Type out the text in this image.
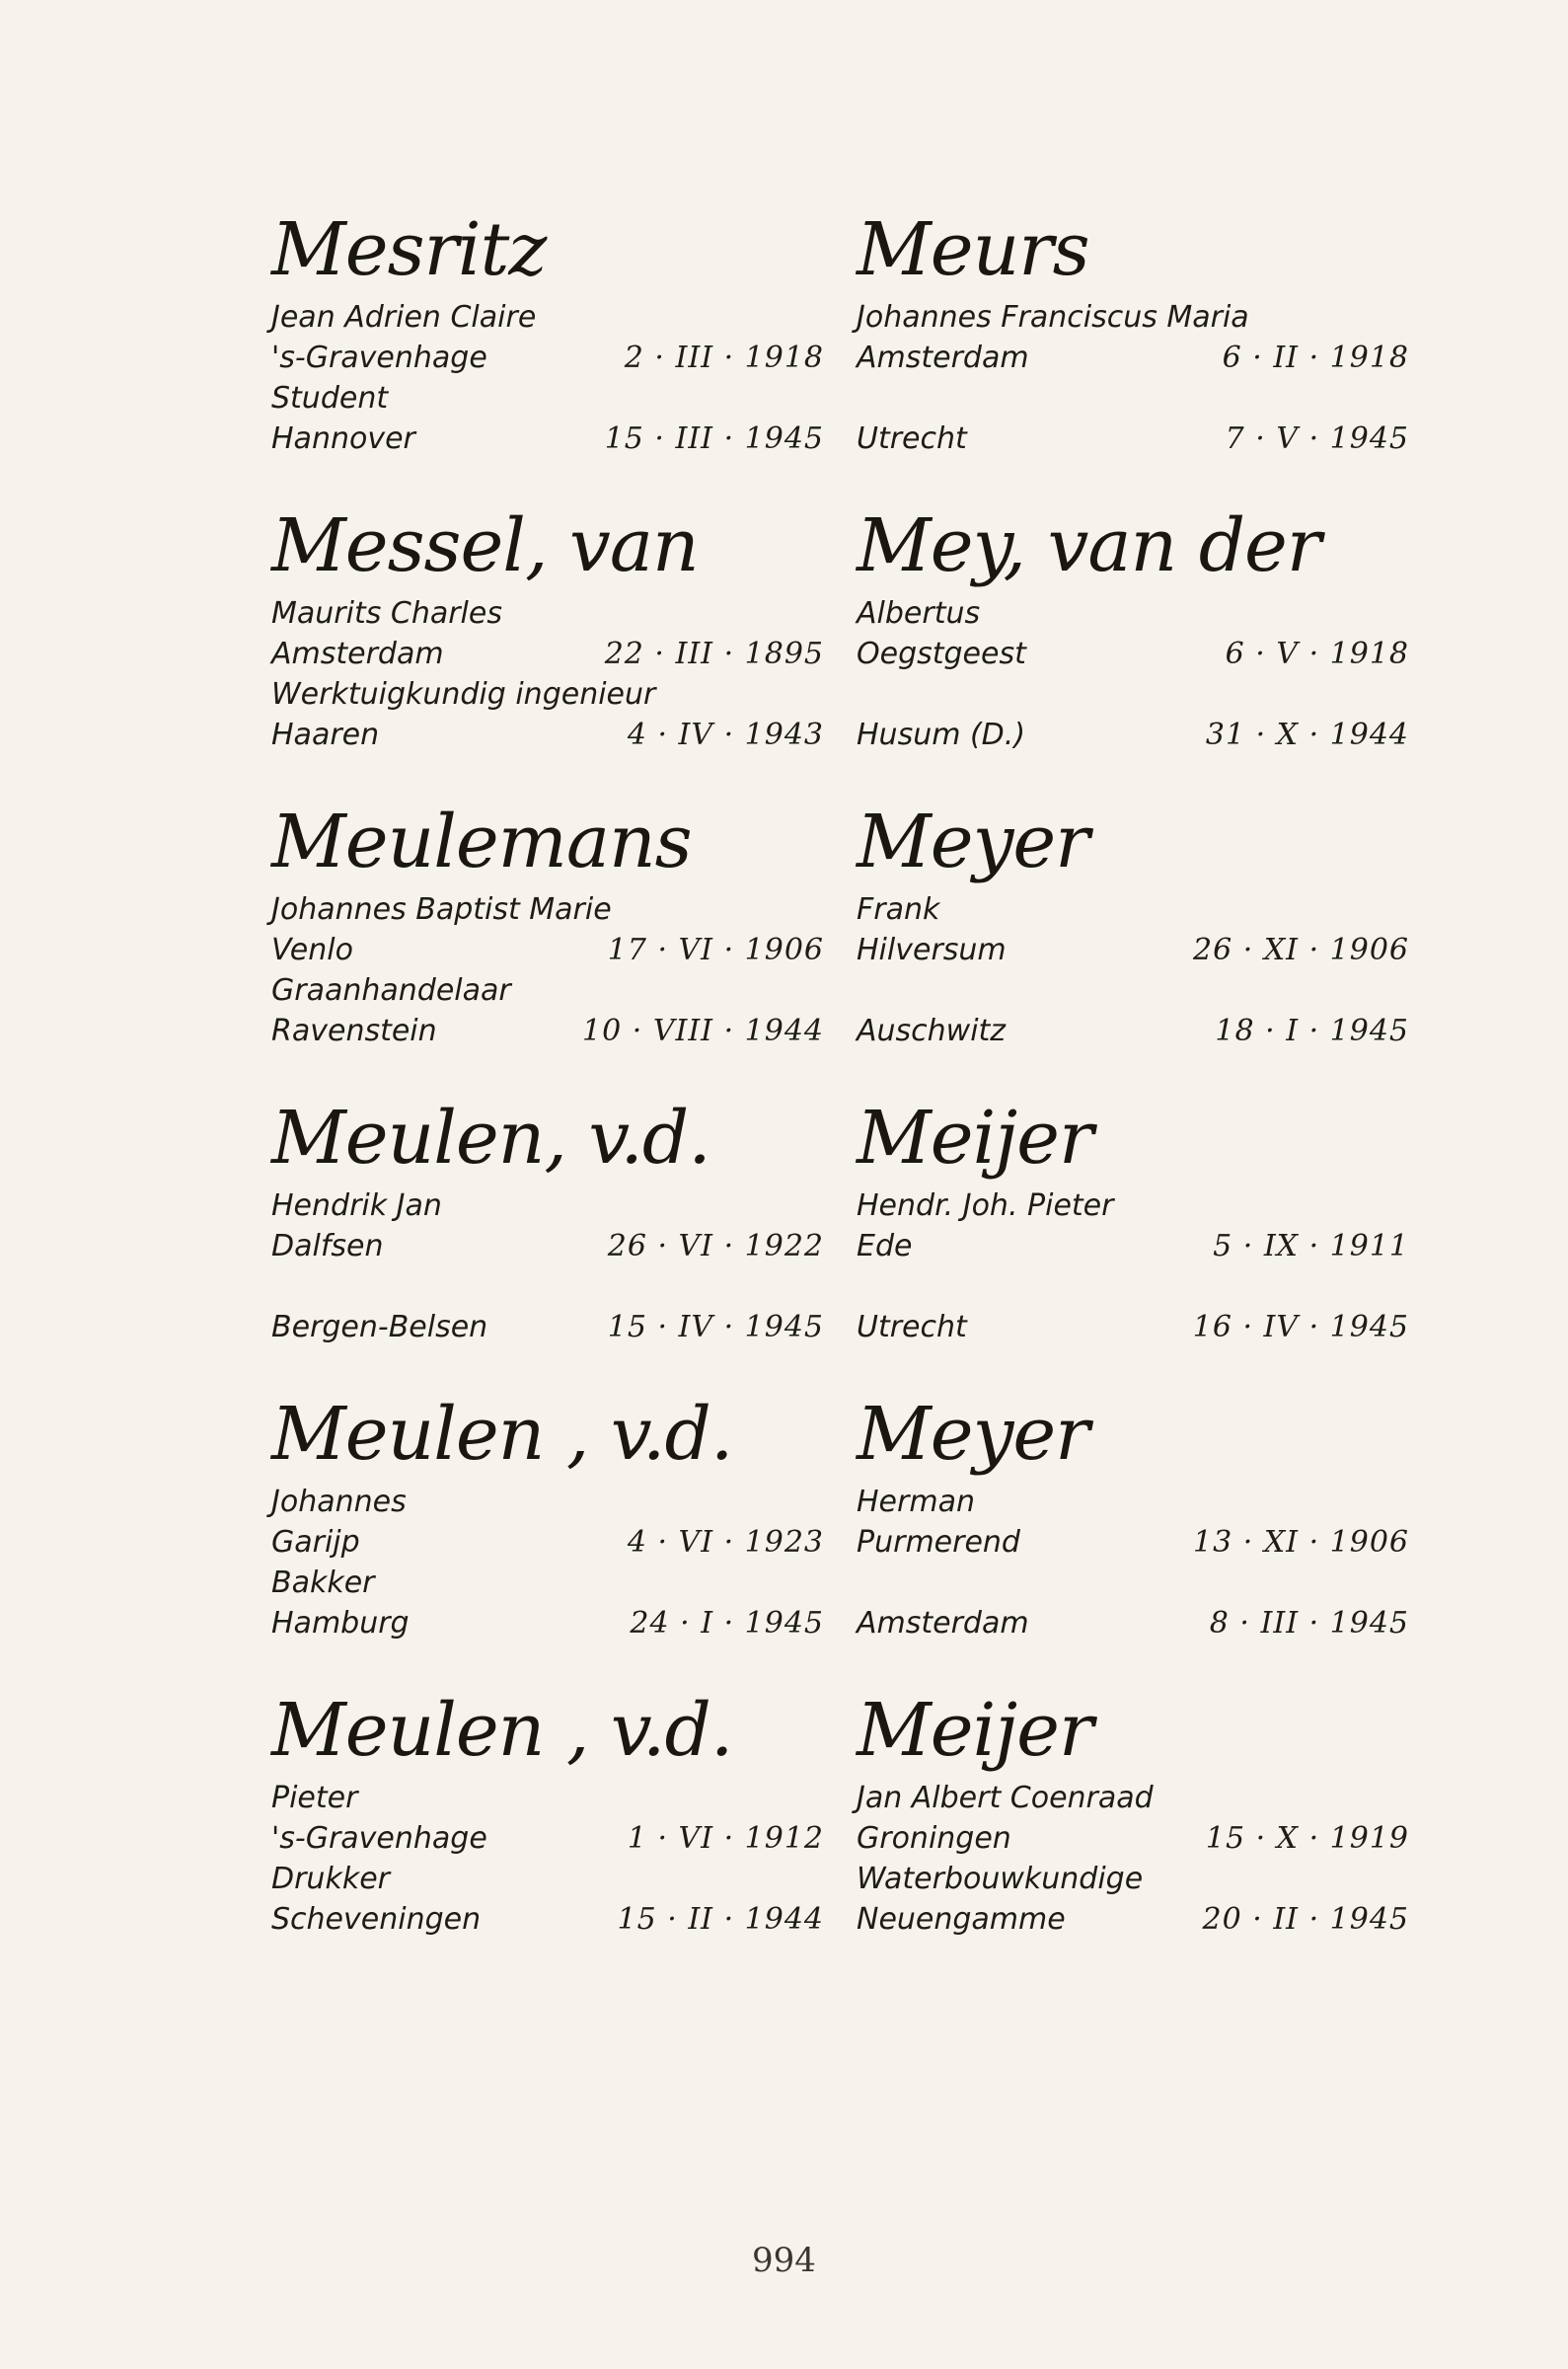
Mesritz
Jean Adrien Claire
's-Gravenhage	2 · III · 1918
Student
Hannover	15 · III · 1945
Messel, van
Maurits Charles
Amsterdam	22 · III · 1895
Werktuigkundig ingenieur
Haaren	4 · IV · 1943
Meulemans
Johannes Baptist Marie
Venlo	17 · VI · 1906
Graanhandelaar
Ravenstein	10 · VIII · 1944
Meulen, v.d.
Hendrik Jan
Dalfsen	26 · VI · 1922
Bergen-Belsen	15 · IV · 1945
Meulen , v.d.
Johannes
Garijp	4 · VI · 1923
Bakker
Hamburg	24 · I · 1945
Meulen , v.d.
Pieter
's-Gravenhage	1 · VI · 1912
Drukker
Scheveningen	15 · II · 1944
Meurs
Johannes Franciscus Maria
Amsterdam	6 · II · 1918
Utrecht	7 · V · 1945
Mey, van der
Albertus
Oegstgeest	6 · V · 1918
Husum (D.)	31 · X · 1944
Meyer
Frank
Hilversum	26 · XI · 1906
Auschwitz	18 · I · 1945
Meijer
Hendr. Joh. Pieter
Ede	5 · IX · 1911
Utrecht	16 · IV · 1945
Meyer
Herman
Purmerend	13 · XI · 1906
Amsterdam	8 · III · 1945
Meijer
Jan Albert Coenraad
Groningen	15 · X · 1919
Waterbouwkundige
Neuengamme	20 · II · 1945
994
